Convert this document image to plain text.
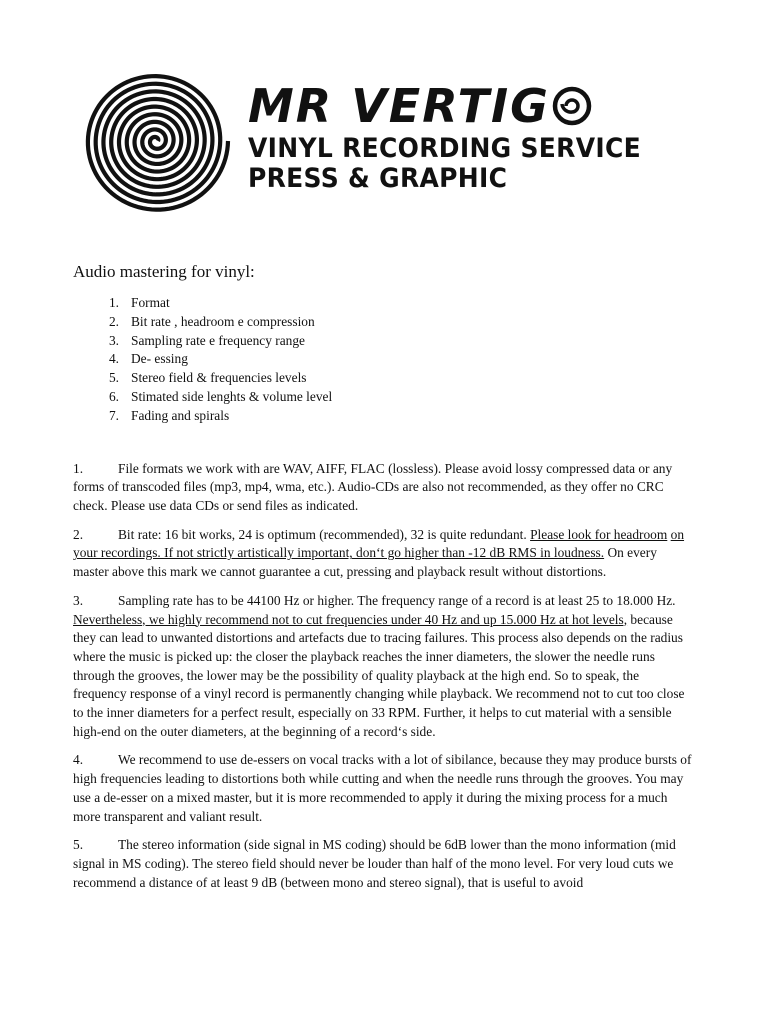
MR VERTIG
VINYL RECORDING SERVICE
PRESS & GRAPHIC
Audio mastering for vinyl:
1. Format
2. Bit rate , headroom e compression
3. Sampling rate e frequency range
4. De- essing
5. Stereo field & frequencies levels
6. Stimated side lenghts & volume level
7. Fading and spirals

1.	File formats we work with are WAV, AIFF, FLAC (lossless). Please avoid lossy compressed data or any forms of transcoded files (mp3, mp4, wma, etc.). Audio-CDs are also not recommended, as they offer no CRC check. Please use data CDs or send files as indicated.

2.	Bit rate: 16 bit works, 24 is optimum (recommended), 32 is quite redundant. Please look for headroom on your recordings. If not strictly artistically important, don‘t go higher than -12 dB RMS in loudness. On every master above this mark we cannot guarantee a cut, pressing and playback result without distortions.

3.	Sampling rate has to be 44100 Hz or higher. The frequency range of a record is at least 25 to 18.000 Hz. Nevertheless, we highly recommend not to cut frequencies under 40 Hz and up 15.000 Hz at hot levels, because they can lead to unwanted distortions and artefacts due to tracing failures. This process also depends on the radius where the music is picked up: the closer the playback reaches the inner diameters, the slower the needle runs through the grooves, the lower may be the possibility of quality playback at the high end. So to speak, the frequency response of a vinyl record is permanently changing while playback. We recommend not to cut too close to the inner diameters for a perfect result, especially on 33 RPM. Further, it helps to cut material with a sensible high-end on the outer diameters, at the beginning of a record‘s side.

4.	We recommend to use de-essers on vocal tracks with a lot of sibilance, because they may produce bursts of high frequencies leading to distortions both while cutting and when the needle runs through the grooves. You may use a de-esser on a mixed master, but it is more recommended to apply it during the mixing process for a much more transparent and valiant result.

5.	The stereo information (side signal in MS coding) should be 6dB lower than the mono information (mid signal in MS coding). The stereo field should never be louder than half of the mono level. For very loud cuts we recommend a distance of at least 9 dB (between mono and stereo signal), that is useful to avoid
